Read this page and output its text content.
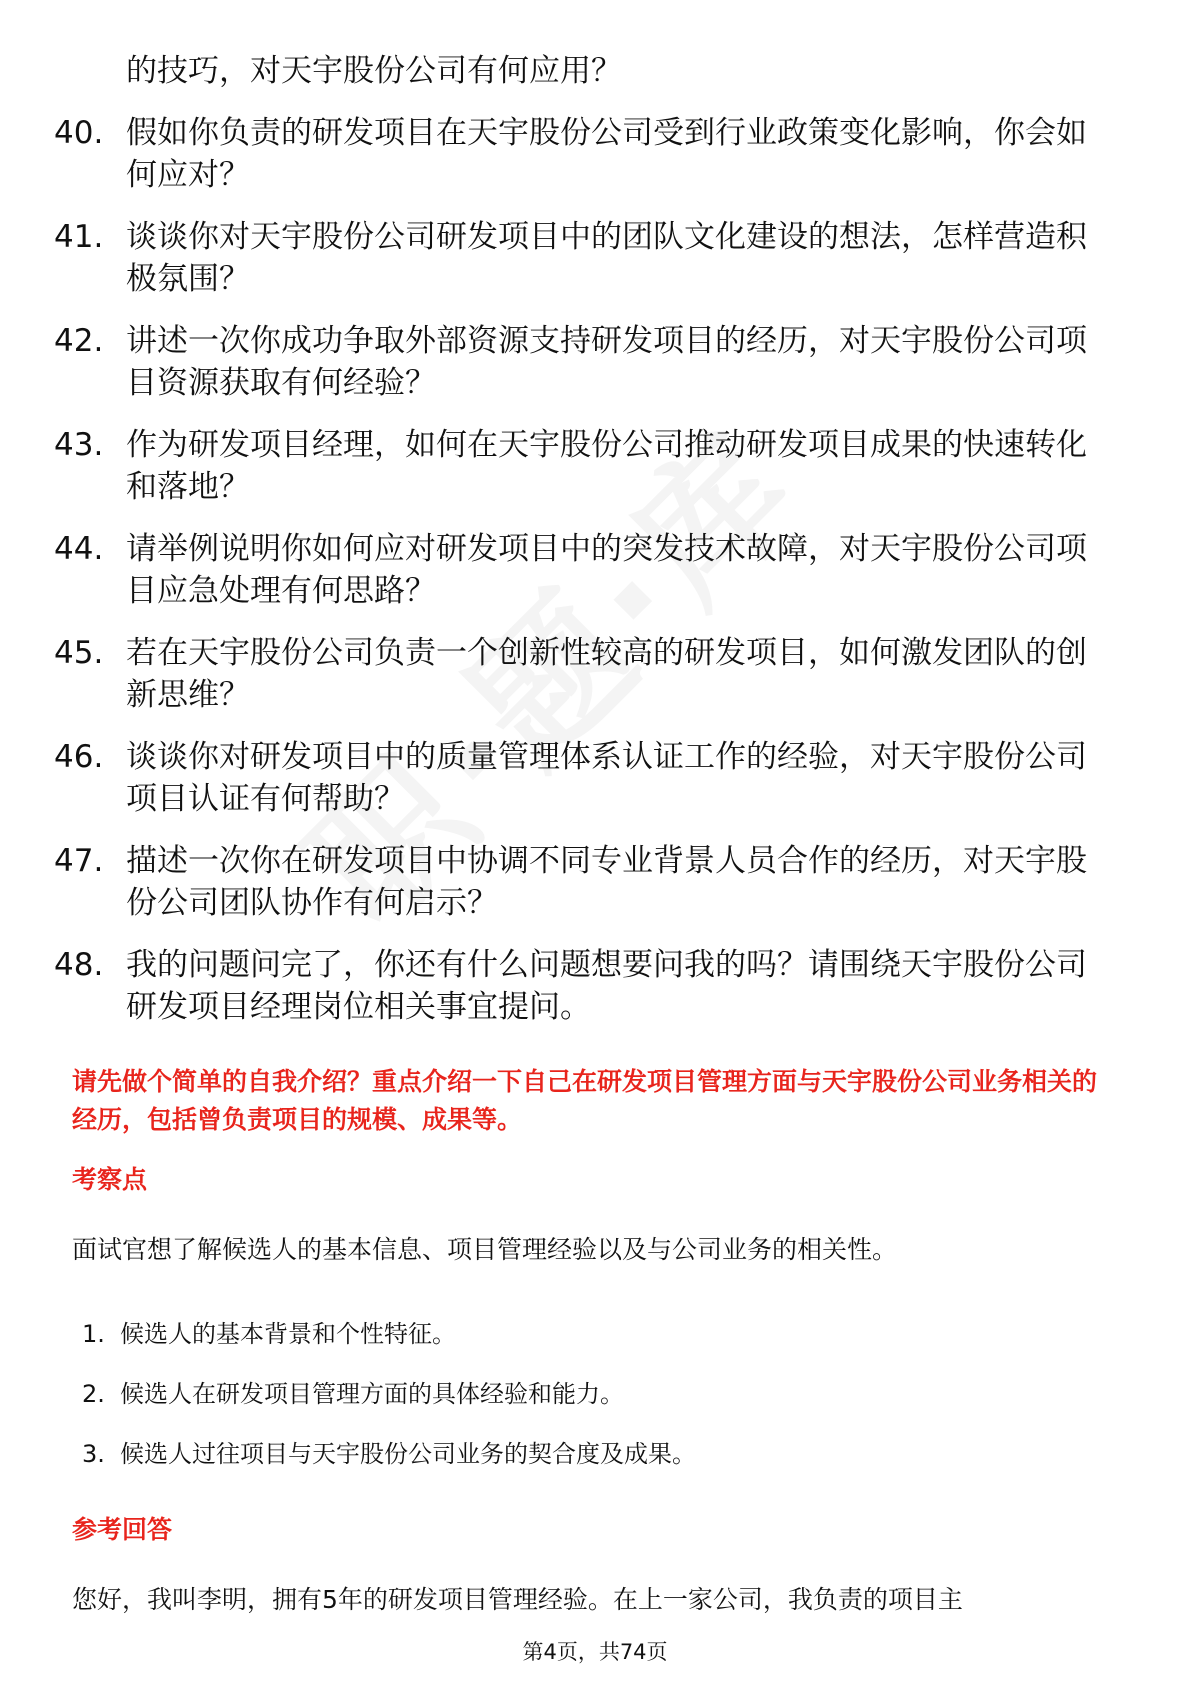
的技巧，对天宇股份公司有何应用？

40. 假如你负责的研发项目在天宇股份公司受到行业政策变化影响，你会如何应对？
41. 谈谈你对天宇股份公司研发项目中的团队文化建设的想法，怎样营造积极氛围？
42. 讲述一次你成功争取外部资源支持研发项目的经历，对天宇股份公司项目资源获取有何经验？
43. 作为研发项目经理，如何在天宇股份公司推动研发项目成果的快速转化和落地？
44. 请举例说明你如何应对研发项目中的突发技术故障，对天宇股份公司项目应急处理有何思路？
45. 若在天宇股份公司负责一个创新性较高的研发项目，如何激发团队的创新思维？
46. 谈谈你对研发项目中的质量管理体系认证工作的经验，对天宇股份公司项目认证有何帮助？
47. 描述一次你在研发项目中协调不同专业背景人员合作的经历，对天宇股份公司团队协作有何启示？
48. 我的问题问完了，你还有什么问题想要问我的吗？请围绕天宇股份公司研发项目经理岗位相关事宜提问。

请先做个简单的自我介绍？重点介绍一下自己在研发项目管理方面与天宇股份公司业务相关的经历，包括曾负责项目的规模、成果等。

考察点

面试官想了解候选人的基本信息、项目管理经验以及与公司业务的相关性。

1. 候选人的基本背景和个性特征。
2. 候选人在研发项目管理方面的具体经验和能力。
3. 候选人过往项目与天宇股份公司业务的契合度及成果。

参考回答

您好，我叫李明，拥有5年的研发项目管理经验。在上一家公司，我负责的项目主

第4页，共74页
